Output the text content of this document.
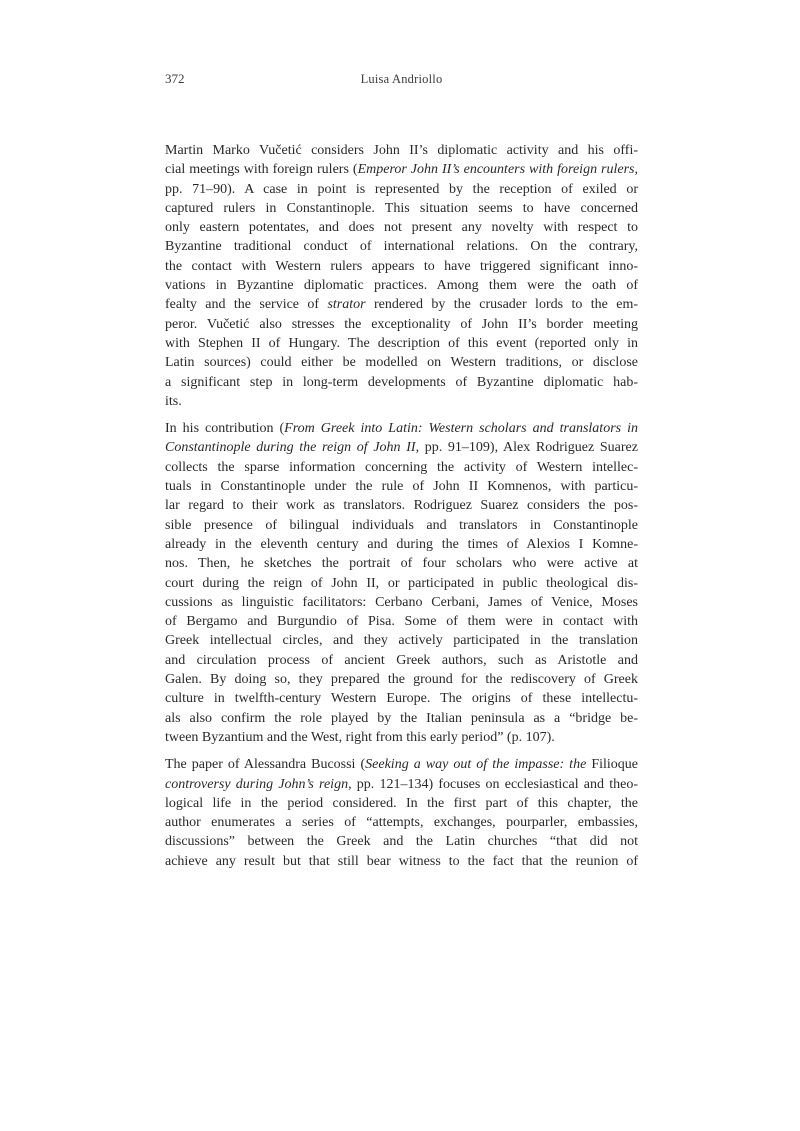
372	Luisa Andriollo
Martin Marko Vučetić considers John II’s diplomatic activity and his offi-
cial meetings with foreign rulers (Emperor John II’s encounters with foreign rulers,
pp. 71–90). A case in point is represented by the reception of exiled or
captured rulers in Constantinople. This situation seems to have concerned
only eastern potentates, and does not present any novelty with respect to
Byzantine traditional conduct of international relations. On the contrary,
the contact with Western rulers appears to have triggered significant inno-
vations in Byzantine diplomatic practices. Among them were the oath of
fealty and the service of strator rendered by the crusader lords to the em-
peror. Vučetić also stresses the exceptionality of John II’s border meeting
with Stephen II of Hungary. The description of this event (reported only in
Latin sources) could either be modelled on Western traditions, or disclose
a significant step in long-term developments of Byzantine diplomatic hab-
its.
In his contribution (From Greek into Latin: Western scholars and translators in
Constantinople during the reign of John II, pp. 91–109), Alex Rodriguez Suarez
collects the sparse information concerning the activity of Western intellec-
tuals in Constantinople under the rule of John II Komnenos, with particu-
lar regard to their work as translators. Rodriguez Suarez considers the pos-
sible presence of bilingual individuals and translators in Constantinople
already in the eleventh century and during the times of Alexios I Komne-
nos. Then, he sketches the portrait of four scholars who were active at
court during the reign of John II, or participated in public theological dis-
cussions as linguistic facilitators: Cerbano Cerbani, James of Venice, Moses
of Bergamo and Burgundio of Pisa. Some of them were in contact with
Greek intellectual circles, and they actively participated in the translation
and circulation process of ancient Greek authors, such as Aristotle and
Galen. By doing so, they prepared the ground for the rediscovery of Greek
culture in twelfth-century Western Europe. The origins of these intellectu-
als also confirm the role played by the Italian peninsula as a “bridge be-
tween Byzantium and the West, right from this early period” (p. 107).
The paper of Alessandra Bucossi (Seeking a way out of the impasse: the Filioque
controversy during John’s reign, pp. 121–134) focuses on ecclesiastical and theo-
logical life in the period considered. In the first part of this chapter, the
author enumerates a series of “attempts, exchanges, pourparler, embassies,
discussions” between the Greek and the Latin churches “that did not
achieve any result but that still bear witness to the fact that the reunion of
